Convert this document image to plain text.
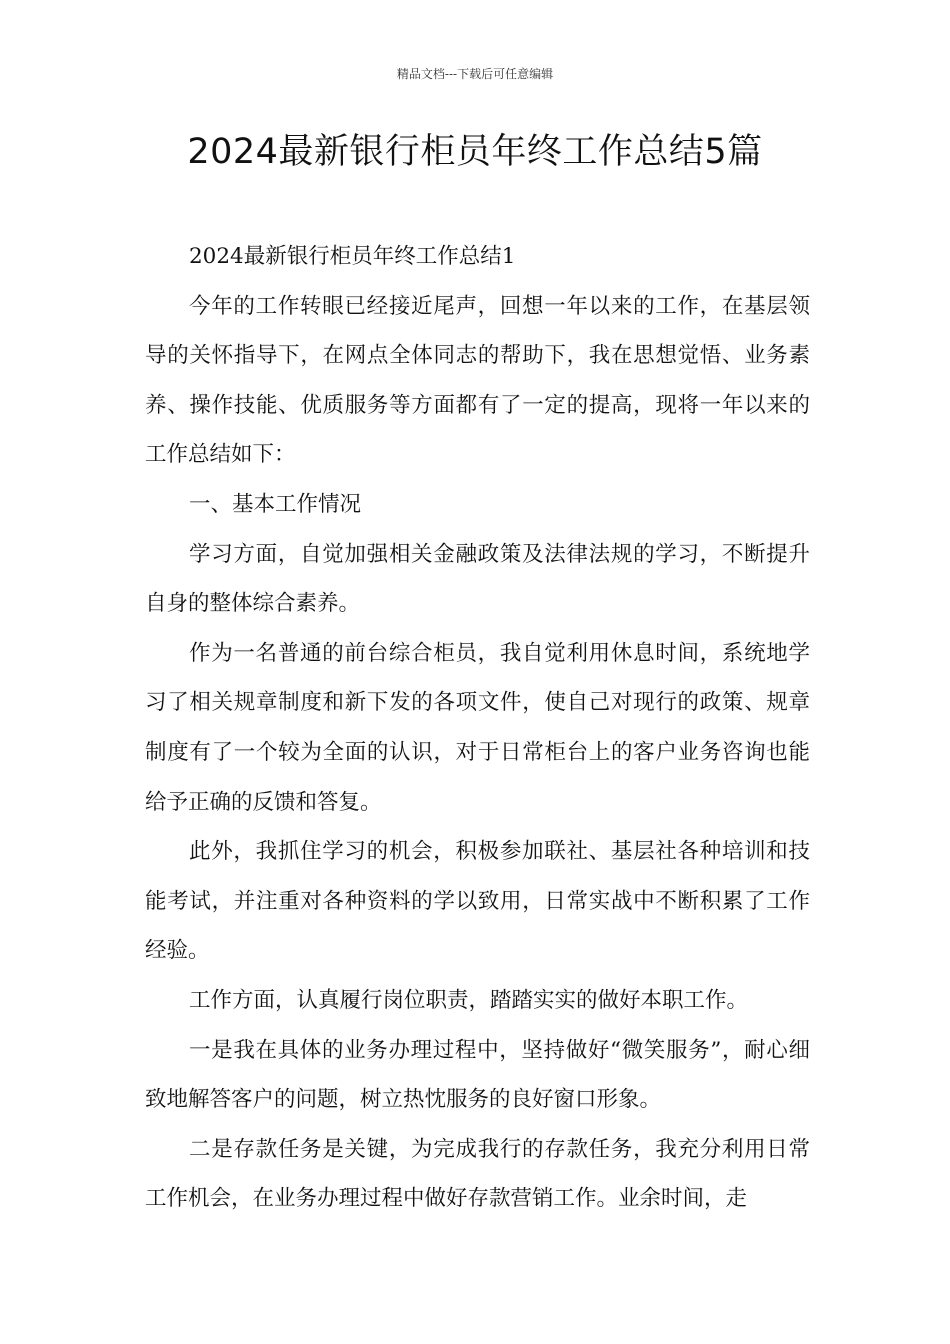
精品文档---下载后可任意编辑
2024最新银行柜员年终工作总结5篇

2024最新银行柜员年终工作总结1

今年的工作转眼已经接近尾声，回想一年以来的工作，在基层领导的关怀指导下，在网点全体同志的帮助下，我在思想觉悟、业务素养、操作技能、优质服务等方面都有了一定的提高，现将一年以来的工作总结如下：

一、基本工作情况

学习方面，自觉加强相关金融政策及法律法规的学习，不断提升自身的整体综合素养。

作为一名普通的前台综合柜员，我自觉利用休息时间，系统地学习了相关规章制度和新下发的各项文件，使自己对现行的政策、规章制度有了一个较为全面的认识，对于日常柜台上的客户业务咨询也能给予正确的反馈和答复。

此外，我抓住学习的机会，积极参加联社、基层社各种培训和技能考试，并注重对各种资料的学以致用，日常实战中不断积累了工作经验。

工作方面，认真履行岗位职责，踏踏实实的做好本职工作。

一是我在具体的业务办理过程中，坚持做好“微笑服务”，耐心细致地解答客户的问题，树立热忱服务的良好窗口形象。

二是存款任务是关键，为完成我行的存款任务，我充分利用日常工作机会，在业务办理过程中做好存款营销工作。业余时间，走
